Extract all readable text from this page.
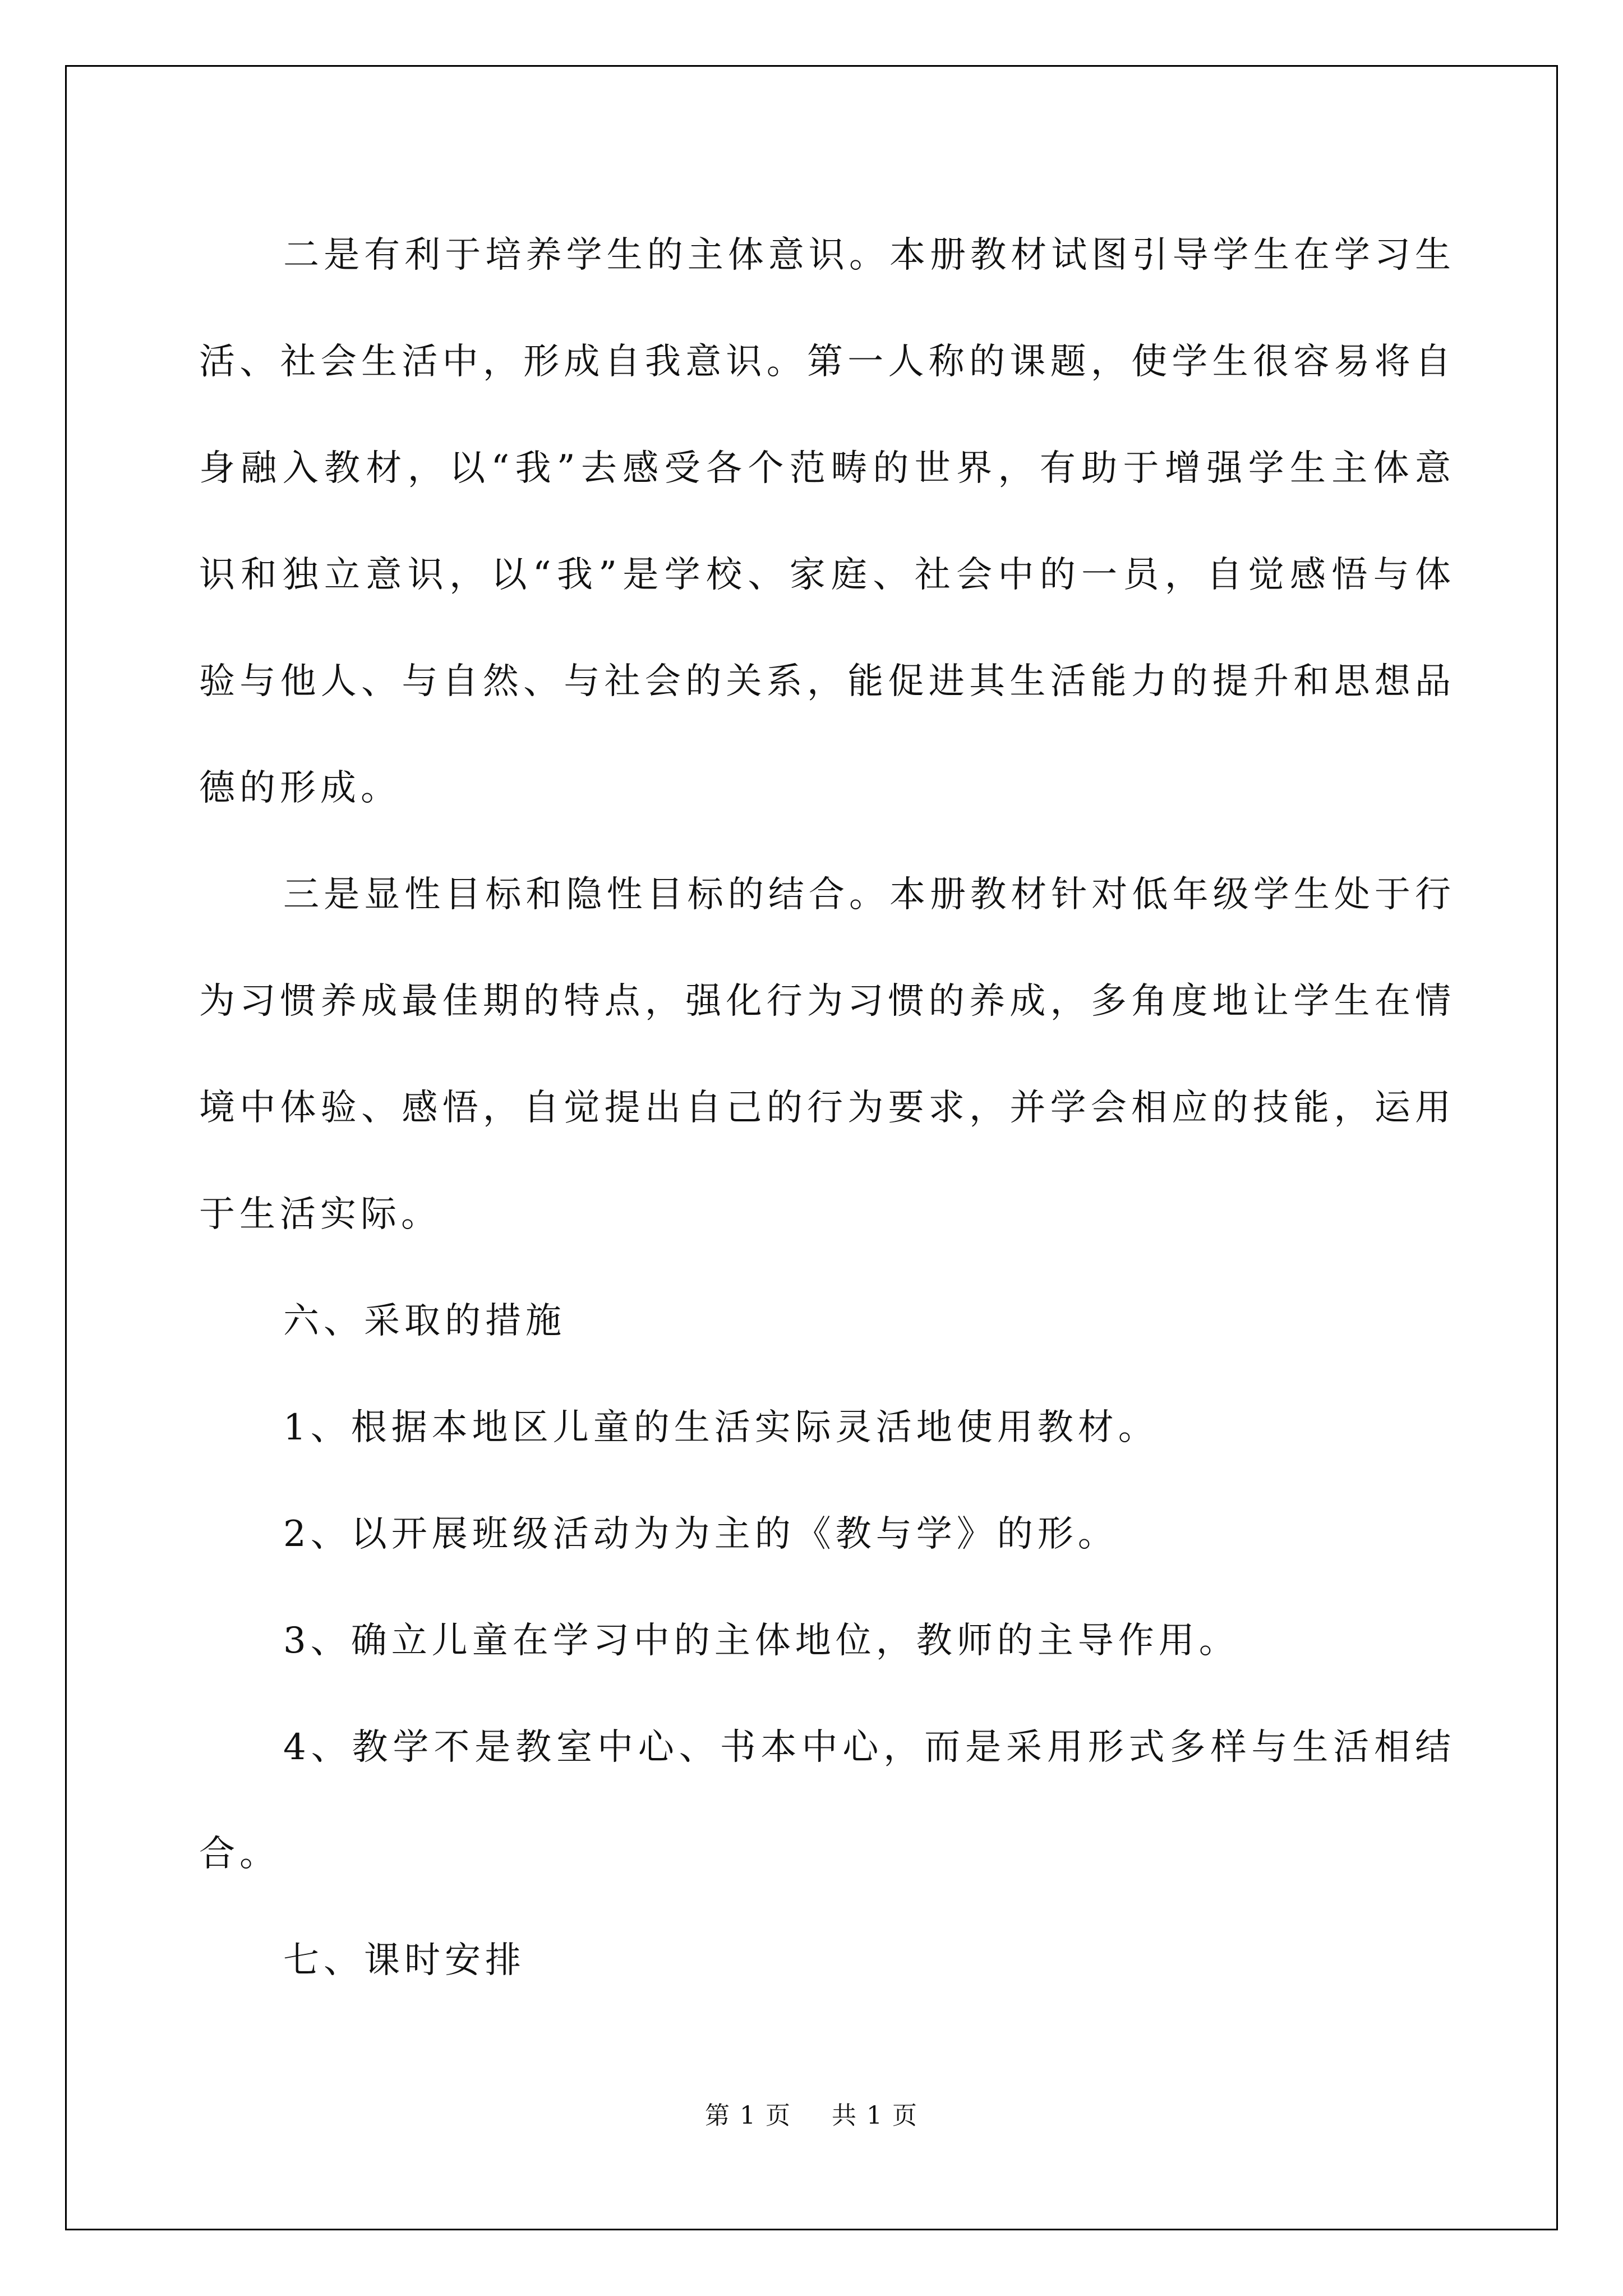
二是有利于培养学生的主体意识。本册教材试图引导学生在学习生活、社会生活中，形成自我意识。第一人称的课题，使学生很容易将自身融入教材，以“我”去感受各个范畴的世界，有助于增强学生主体意识和独立意识，以“我”是学校、家庭、社会中的一员，自觉感悟与体验与他人、与自然、与社会的关系，能促进其生活能力的提升和思想品德的形成。

三是显性目标和隐性目标的结合。本册教材针对低年级学生处于行为习惯养成最佳期的特点，强化行为习惯的养成，多角度地让学生在情境中体验、感悟，自觉提出自己的行为要求，并学会相应的技能，运用于生活实际。

六、采取的措施

1、根据本地区儿童的生活实际灵活地使用教材。

2、以开展班级活动为为主的《教与学》的形。

3、确立儿童在学习中的主体地位，教师的主导作用。

4、教学不是教室中心、书本中心，而是采用形式多样与生活相结合。

七、课时安排

第 1 页 共 1 页
